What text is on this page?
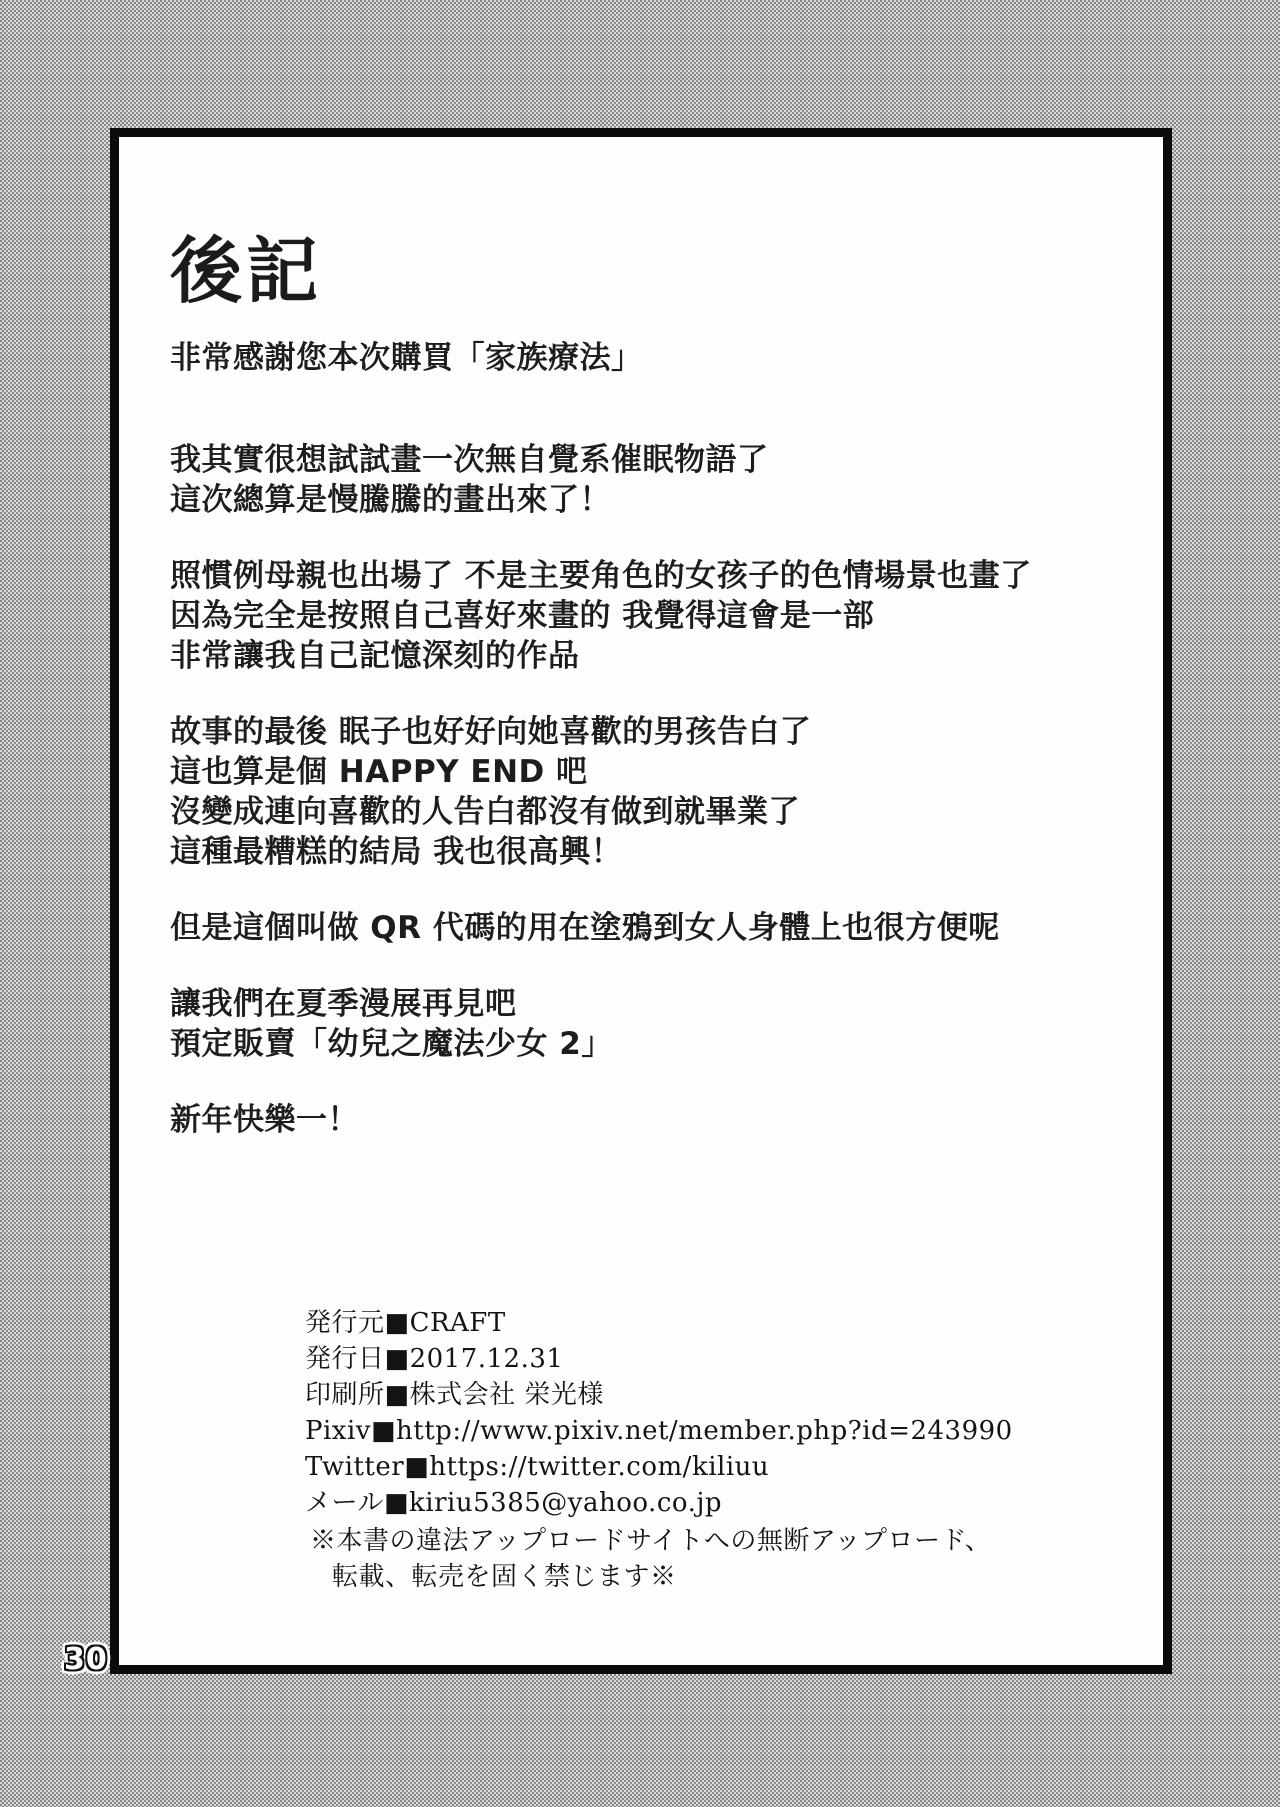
後記
非常感謝您本次購買「家族療法」
我其實很想試試畫一次無自覺系催眠物語了
這次總算是慢騰騰的畫出來了！
照慣例母親也出場了 不是主要角色的女孩子的色情場景也畫了
因為完全是按照自己喜好來畫的 我覺得這會是一部
非常讓我自己記憶深刻的作品
故事的最後 眠子也好好向她喜歡的男孩告白了
這也算是個 HAPPY END 吧
沒變成連向喜歡的人告白都沒有做到就畢業了
這種最糟糕的結局 我也很高興！
但是這個叫做 QR 代碼的用在塗鴉到女人身體上也很方便呢
讓我們在夏季漫展再見吧
預定販賣「幼兒之魔法少女 2」
新年快樂一！
発行元■CRAFT
発行日■2017.12.31
印刷所■株式会社 栄光様
Pixiv■http://www.pixiv.net/member.php?id=243990
Twitter■https://twitter.com/kiliuu
メール■kiriu5385@yahoo.co.jp
※本書の違法アップロードサイトへの無断アップロード、
転載、転売を固く禁じます※
30
